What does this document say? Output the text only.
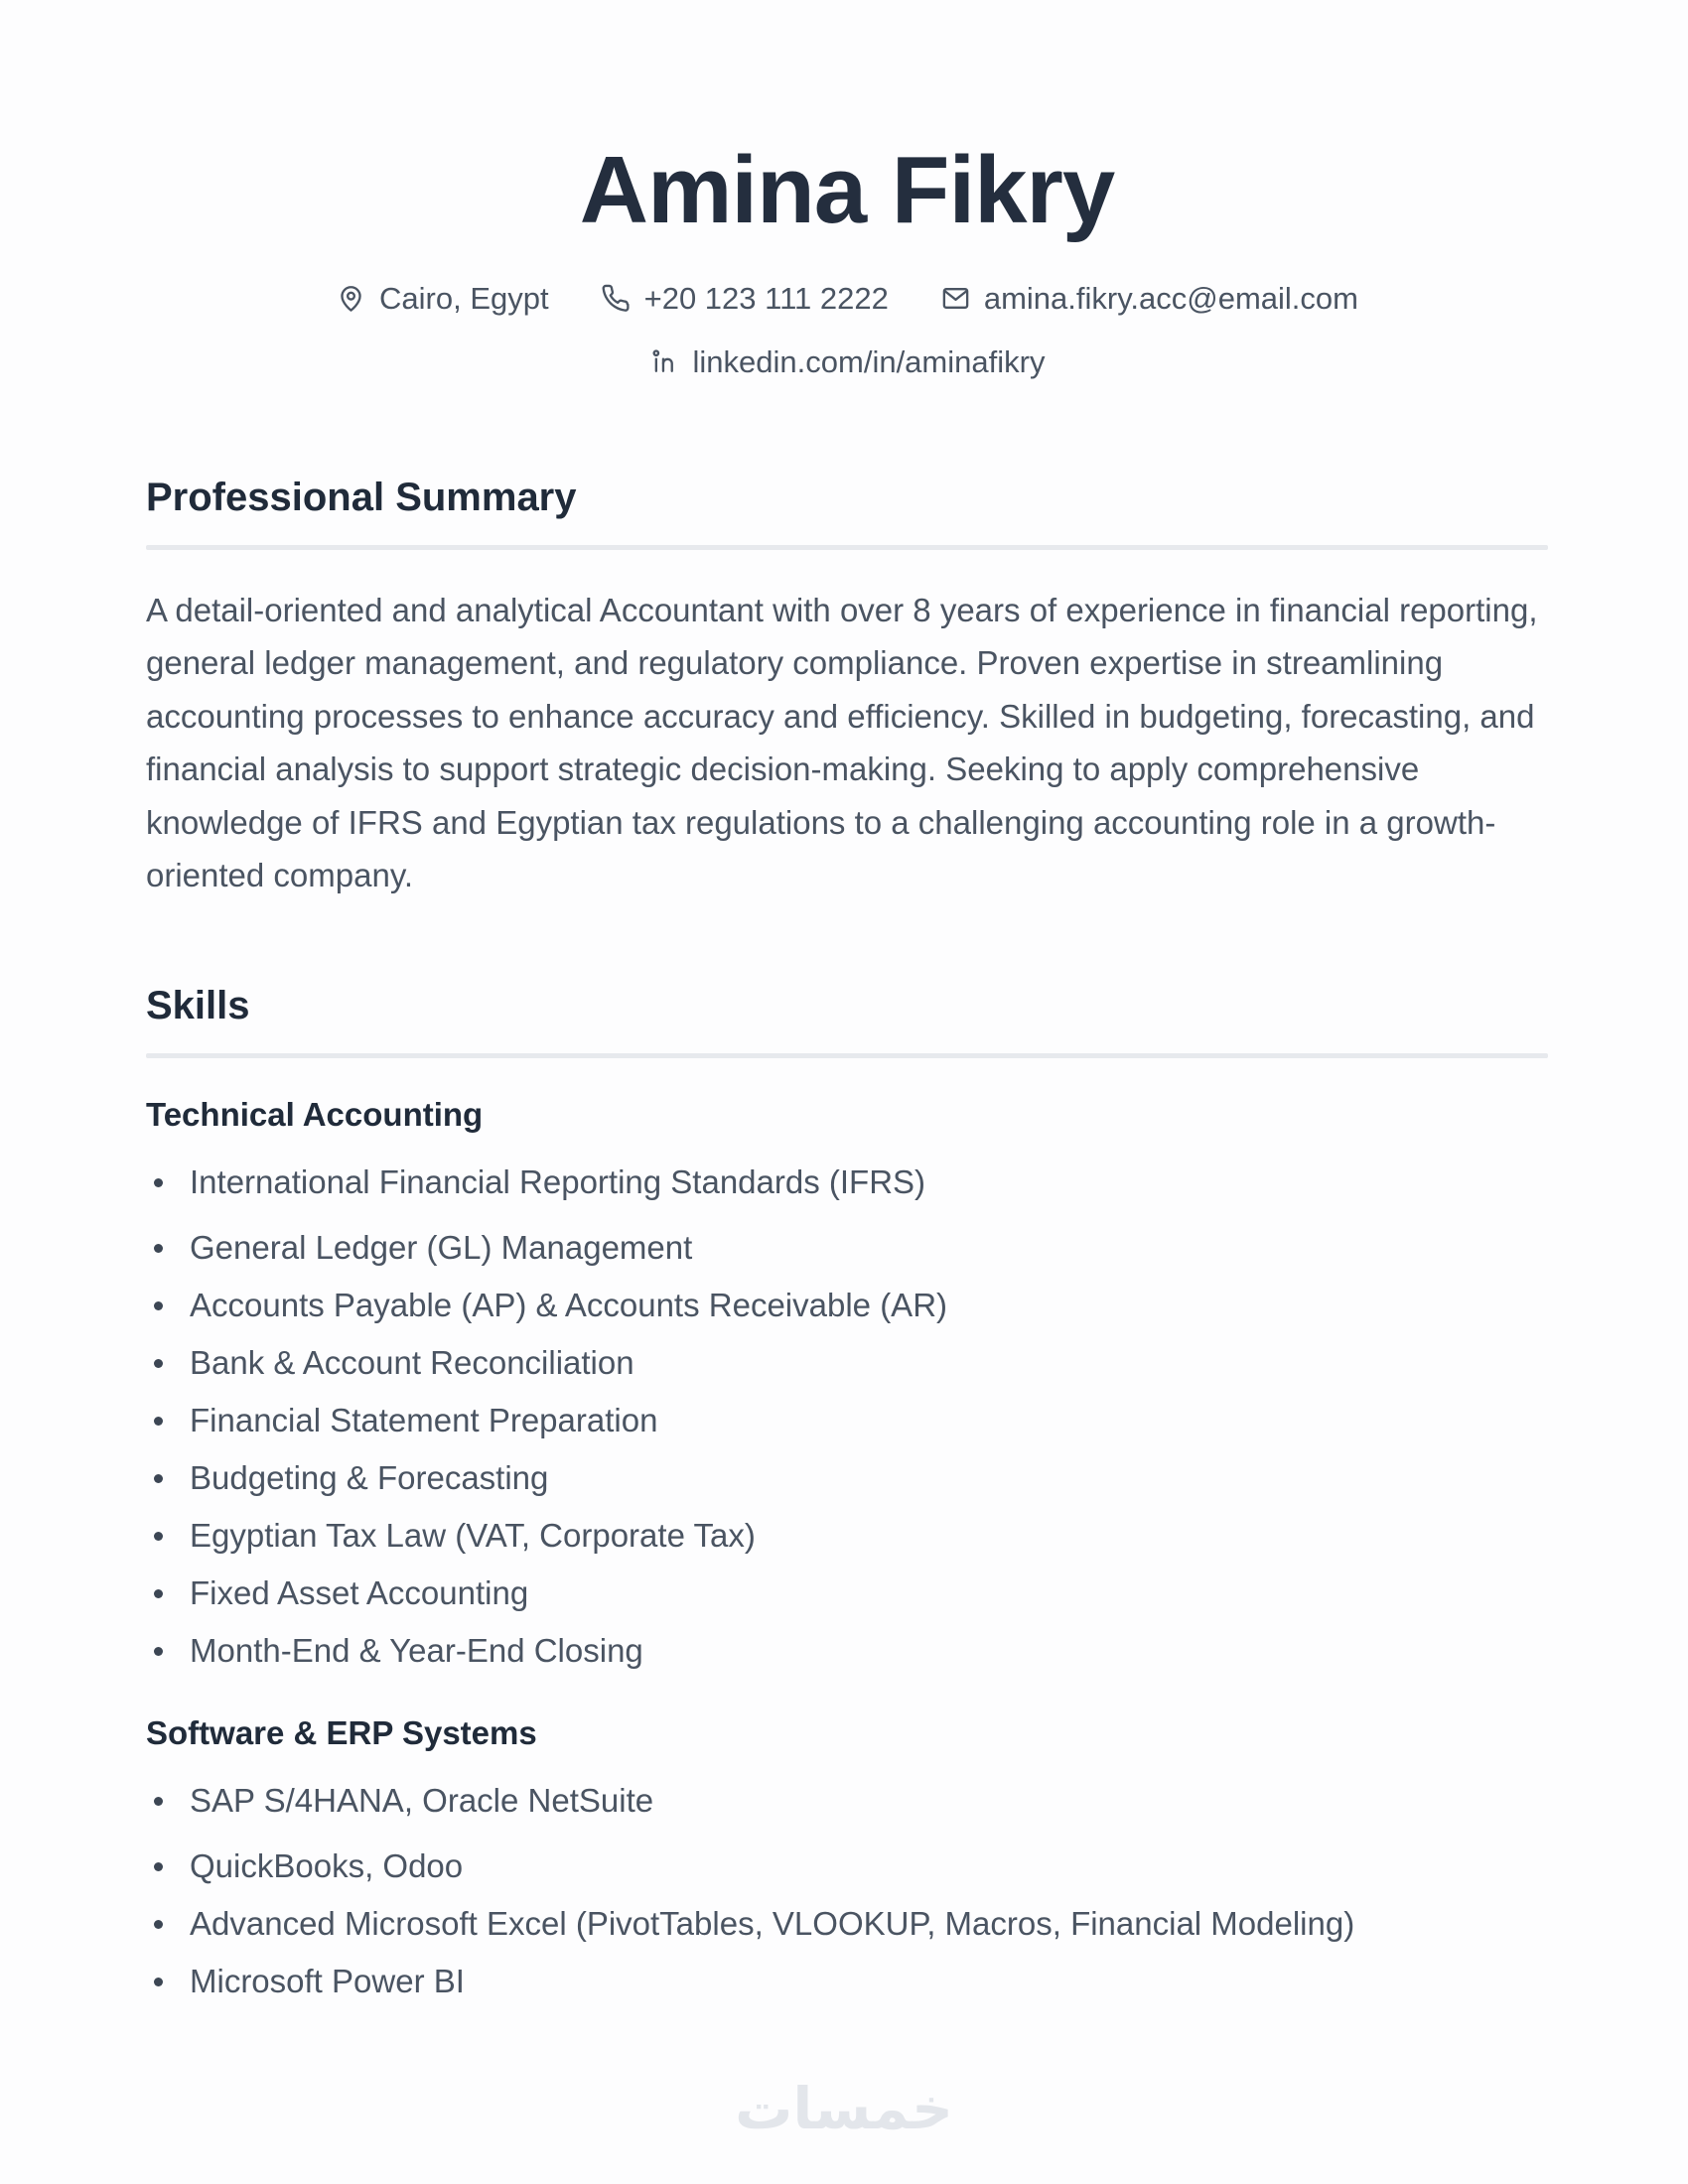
Amina Fikry
Cairo, Egypt	+20 123 111 2222	amina.fikry.acc@email.com
linkedin.com/in/aminafikry
Professional Summary

A detail-oriented and analytical Accountant with over 8 years of experience in financial reporting, general ledger management, and regulatory compliance. Proven expertise in streamlining accounting processes to enhance accuracy and efficiency. Skilled in budgeting, forecasting, and financial analysis to support strategic decision-making. Seeking to apply comprehensive knowledge of IFRS and Egyptian tax regulations to a challenging accounting role in a growth-oriented company.

Skills
Technical Accounting
International Financial Reporting Standards (IFRS)
General Ledger (GL) Management
Accounts Payable (AP) & Accounts Receivable (AR)
Bank & Account Reconciliation
Financial Statement Preparation
Budgeting & Forecasting
Egyptian Tax Law (VAT, Corporate Tax)
Fixed Asset Accounting
Month-End & Year-End Closing
Software & ERP Systems
SAP S/4HANA, Oracle NetSuite
QuickBooks, Odoo
Advanced Microsoft Excel (PivotTables, VLOOKUP, Macros, Financial Modeling)
Microsoft Power BI
خمسات
